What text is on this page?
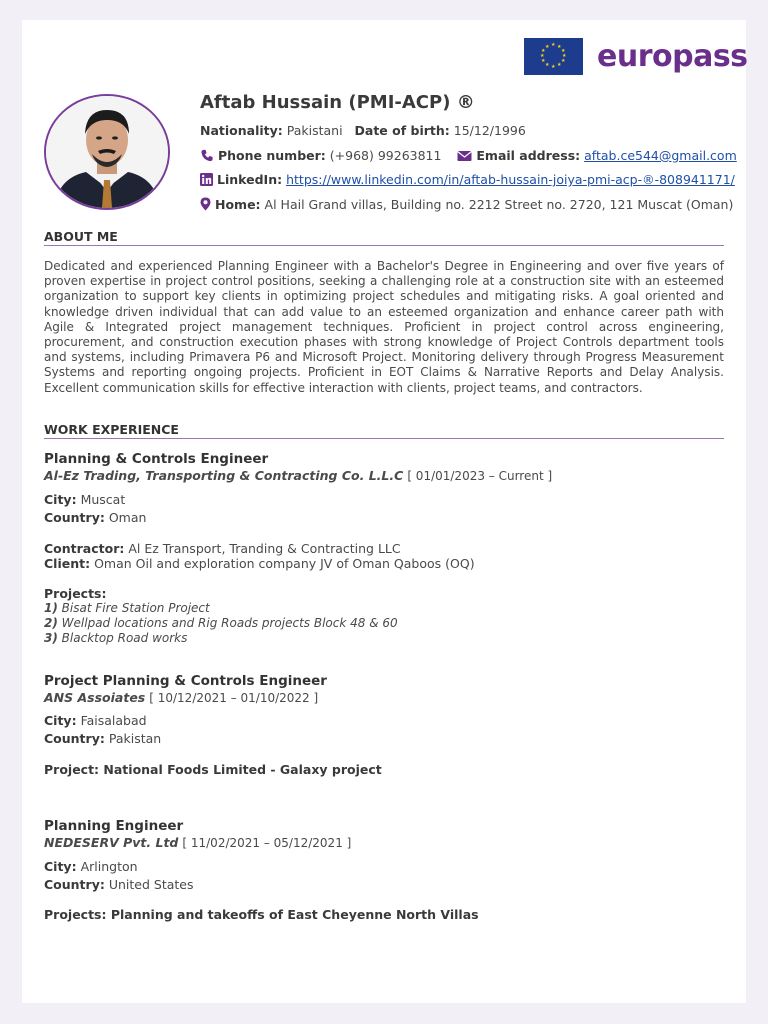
★ ★
★
★
★
★
★
★
★
★
★
★ europass
Aftab Hussain (PMI-ACP) ®
Nationality: Pakistani Date of birth: 15/12/1996
Phone number: (+968) 99263811	Email address: aftab.ce544@gmail.com
LinkedIn: https://www.linkedin.com/in/aftab-hussain-joiya-pmi-acp-®-808941171/
Home: Al Hail Grand villas, Building no. 2212 Street no. 2720, 121 Muscat (Oman)
ABOUT ME
Dedicated and experienced Planning Engineer with a Bachelor's Degree in Engineering and over five years of proven expertise in project control positions, seeking a challenging role at a construction site with an esteemed organization to support key clients in optimizing project schedules and mitigating risks. A goal oriented and knowledge driven individual that can add value to an esteemed organization and enhance career path with Agile & Integrated project management techniques. Proficient in project control across engineering, procurement, and construction execution phases with strong knowledge of Project Controls department tools and systems, including Primavera P6 and Microsoft Project. Monitoring delivery through Progress Measurement Systems and reporting ongoing projects. Proficient in EOT Claims & Narrative Reports and Delay Analysis. Excellent communication skills for effective interaction with clients, project teams, and contractors.
WORK EXPERIENCE
Planning & Controls Engineer
Al-Ez Trading, Transporting & Contracting Co. L.L.C [ 01/01/2023 – Current ]
City: Muscat
Country: Oman
Contractor: Al Ez Transport, Tranding & Contracting LLC
Client: Oman Oil and exploration company JV of Oman Qaboos (OQ)
Projects:
1) Bisat Fire Station Project
2) Wellpad locations and Rig Roads projects Block 48 & 60
3) Blacktop Road works
Project Planning & Controls Engineer
ANS Assoiates [ 10/12/2021 – 01/10/2022 ]
City: Faisalabad
Country: Pakistan
Project: National Foods Limited - Galaxy project
Planning Engineer
NEDESERV Pvt. Ltd [ 11/02/2021 – 05/12/2021 ]
City: Arlington
Country: United States
Projects: Planning and takeoffs of East Cheyenne North Villas
